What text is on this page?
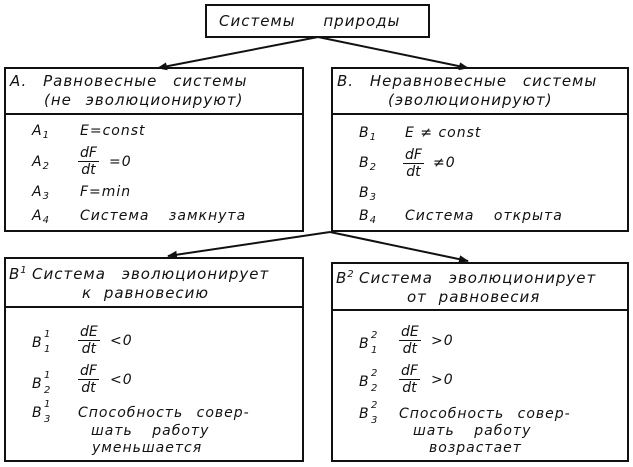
Системы природы
A. Равновесные системы
(не эволюционируют)
$A_1$ E=const
$A_2 \frac{dF}{dt} =0$
$A_3$ F=min
$A_4$ Система замкнута
B. Неравновесные системы
(эволюционируют)
$B_1$ E ≠ const
$B_2 \frac{dF}{dt} \ne 0$
$B_3$
$B_4$ Система открыта
$B^1$ Система эволюционирует
к равновесию
B
1
$1 \frac{dE}{dt} <0$
B
1
$2 \frac{dF}{dt} <0$
B
1
3 Способность совер-
шать работу
уменьшается
$B^2$ Система эволюционирует
от равновесия
B
2
$1 \frac{dE}{dt} >0$
B
2
$2 \frac{dF}{dt} >0$
B
2
3 Способность совер-
шать работу
возрастает
